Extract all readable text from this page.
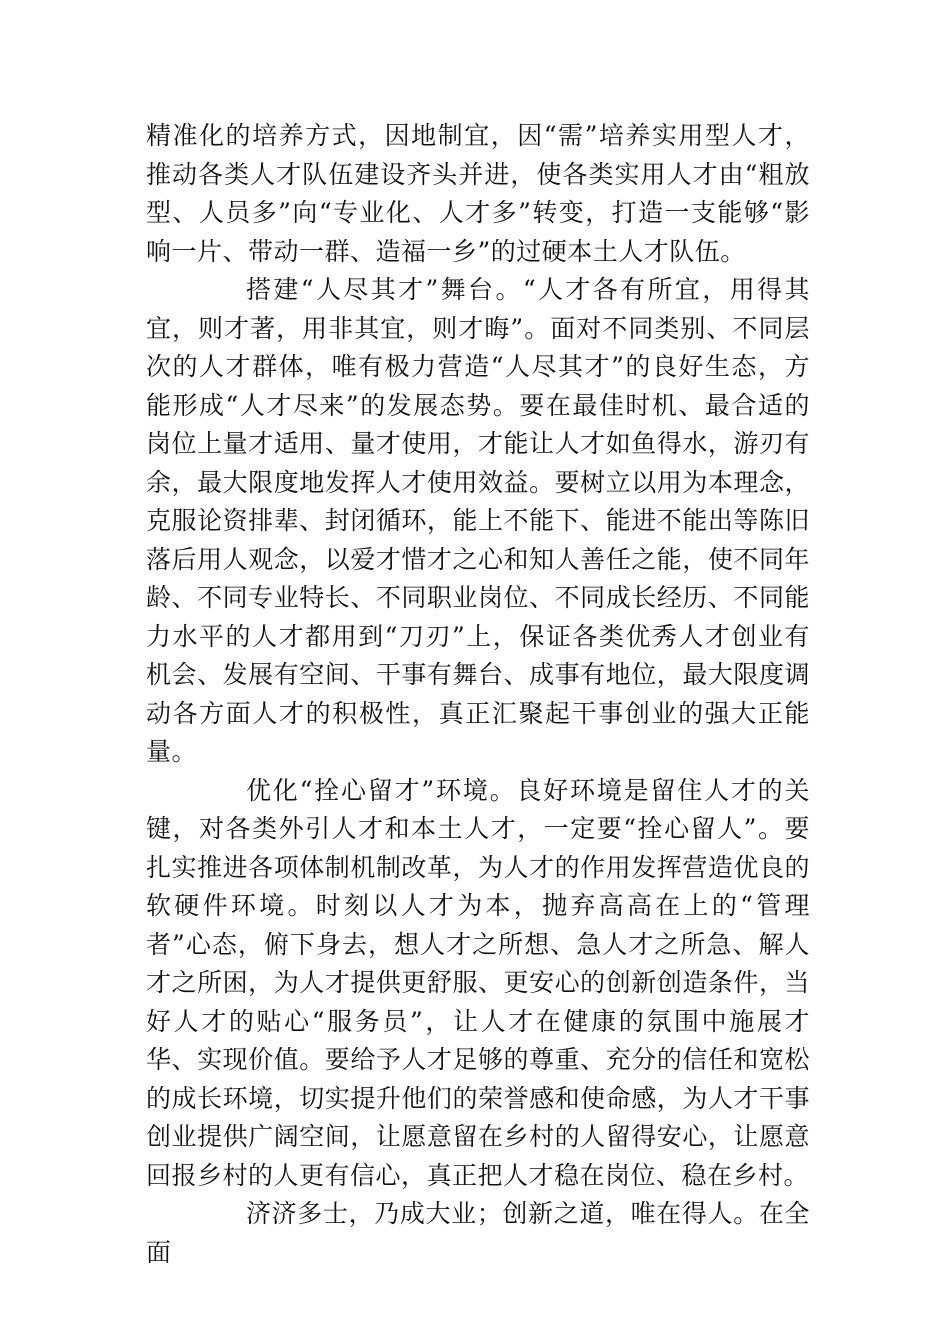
精准化的培养方式，因地制宜，因“需”培养实用型人才，推动各类人才队伍建设齐头并进，使各类实用人才由“粗放型、人员多”向“专业化、人才多”转变，打造一支能够“影响一片、带动一群、造福一乡”的过硬本土人才队伍。

搭建“人尽其才”舞台。“人才各有所宜，用得其宜，则才著，用非其宜，则才晦”。面对不同类别、不同层次的人才群体，唯有极力营造“人尽其才”的良好生态，方能形成“人才尽来”的发展态势。要在最佳时机、最合适的岗位上量才适用、量才使用，才能让人才如鱼得水，游刃有余，最大限度地发挥人才使用效益。要树立以用为本理念，克服论资排辈、封闭循环，能上不能下、能进不能出等陈旧落后用人观念，以爱才惜才之心和知人善任之能，使不同年龄、不同专业特长、不同职业岗位、不同成长经历、不同能力水平的人才都用到“刀刃”上，保证各类优秀人才创业有机会、发展有空间、干事有舞台、成事有地位，最大限度调动各方面人才的积极性，真正汇聚起干事创业的强大正能量。

优化“拴心留才”环境。良好环境是留住人才的关键，对各类外引人才和本土人才，一定要“拴心留人”。要扎实推进各项体制机制改革，为人才的作用发挥营造优良的软硬件环境。时刻以人才为本，抛弃高高在上的“管理者”心态，俯下身去，想人才之所想、急人才之所急、解人才之所困，为人才提供更舒服、更安心的创新创造条件，当好人才的贴心“服务员”，让人才在健康的氛围中施展才华、实现价值。要给予人才足够的尊重、充分的信任和宽松的成长环境，切实提升他们的荣誉感和使命感，为人才干事创业提供广阔空间，让愿意留在乡村的人留得安心，让愿意回报乡村的人更有信心，真正把人才稳在岗位、稳在乡村。

济济多士，乃成大业；创新之道，唯在得人。在全面
